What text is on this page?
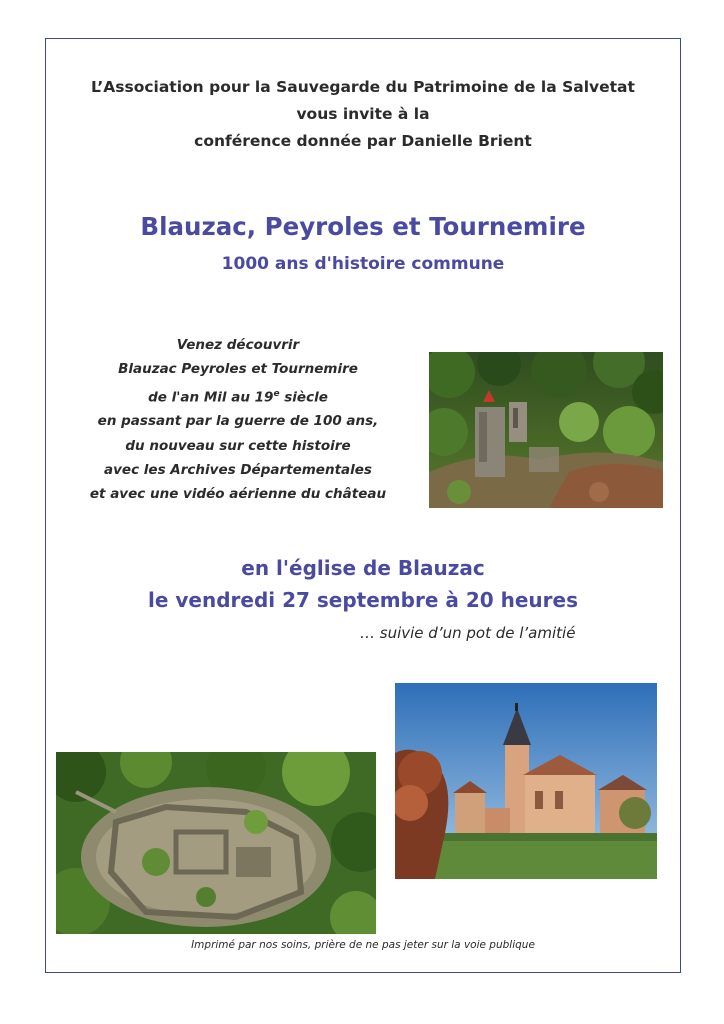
L’Association pour la Sauvegarde du Patrimoine de la Salvetat
vous invite à la
conférence donnée par Danielle Brient
Blauzac, Peyroles et Tournemire
1000 ans d'histoire commune
Venez découvrir
Blauzac Peyroles et Tournemire
de l'an Mil au 19e siècle
en passant par la guerre de 100 ans,
du nouveau sur cette histoire
avec les Archives Départementales
et avec une vidéo aérienne du château
en l'église de Blauzac
le vendredi 27 septembre à 20 heures
… suivie d’un pot de l’amitié
Imprimé par nos soins, prière de ne pas jeter sur la voie publique
